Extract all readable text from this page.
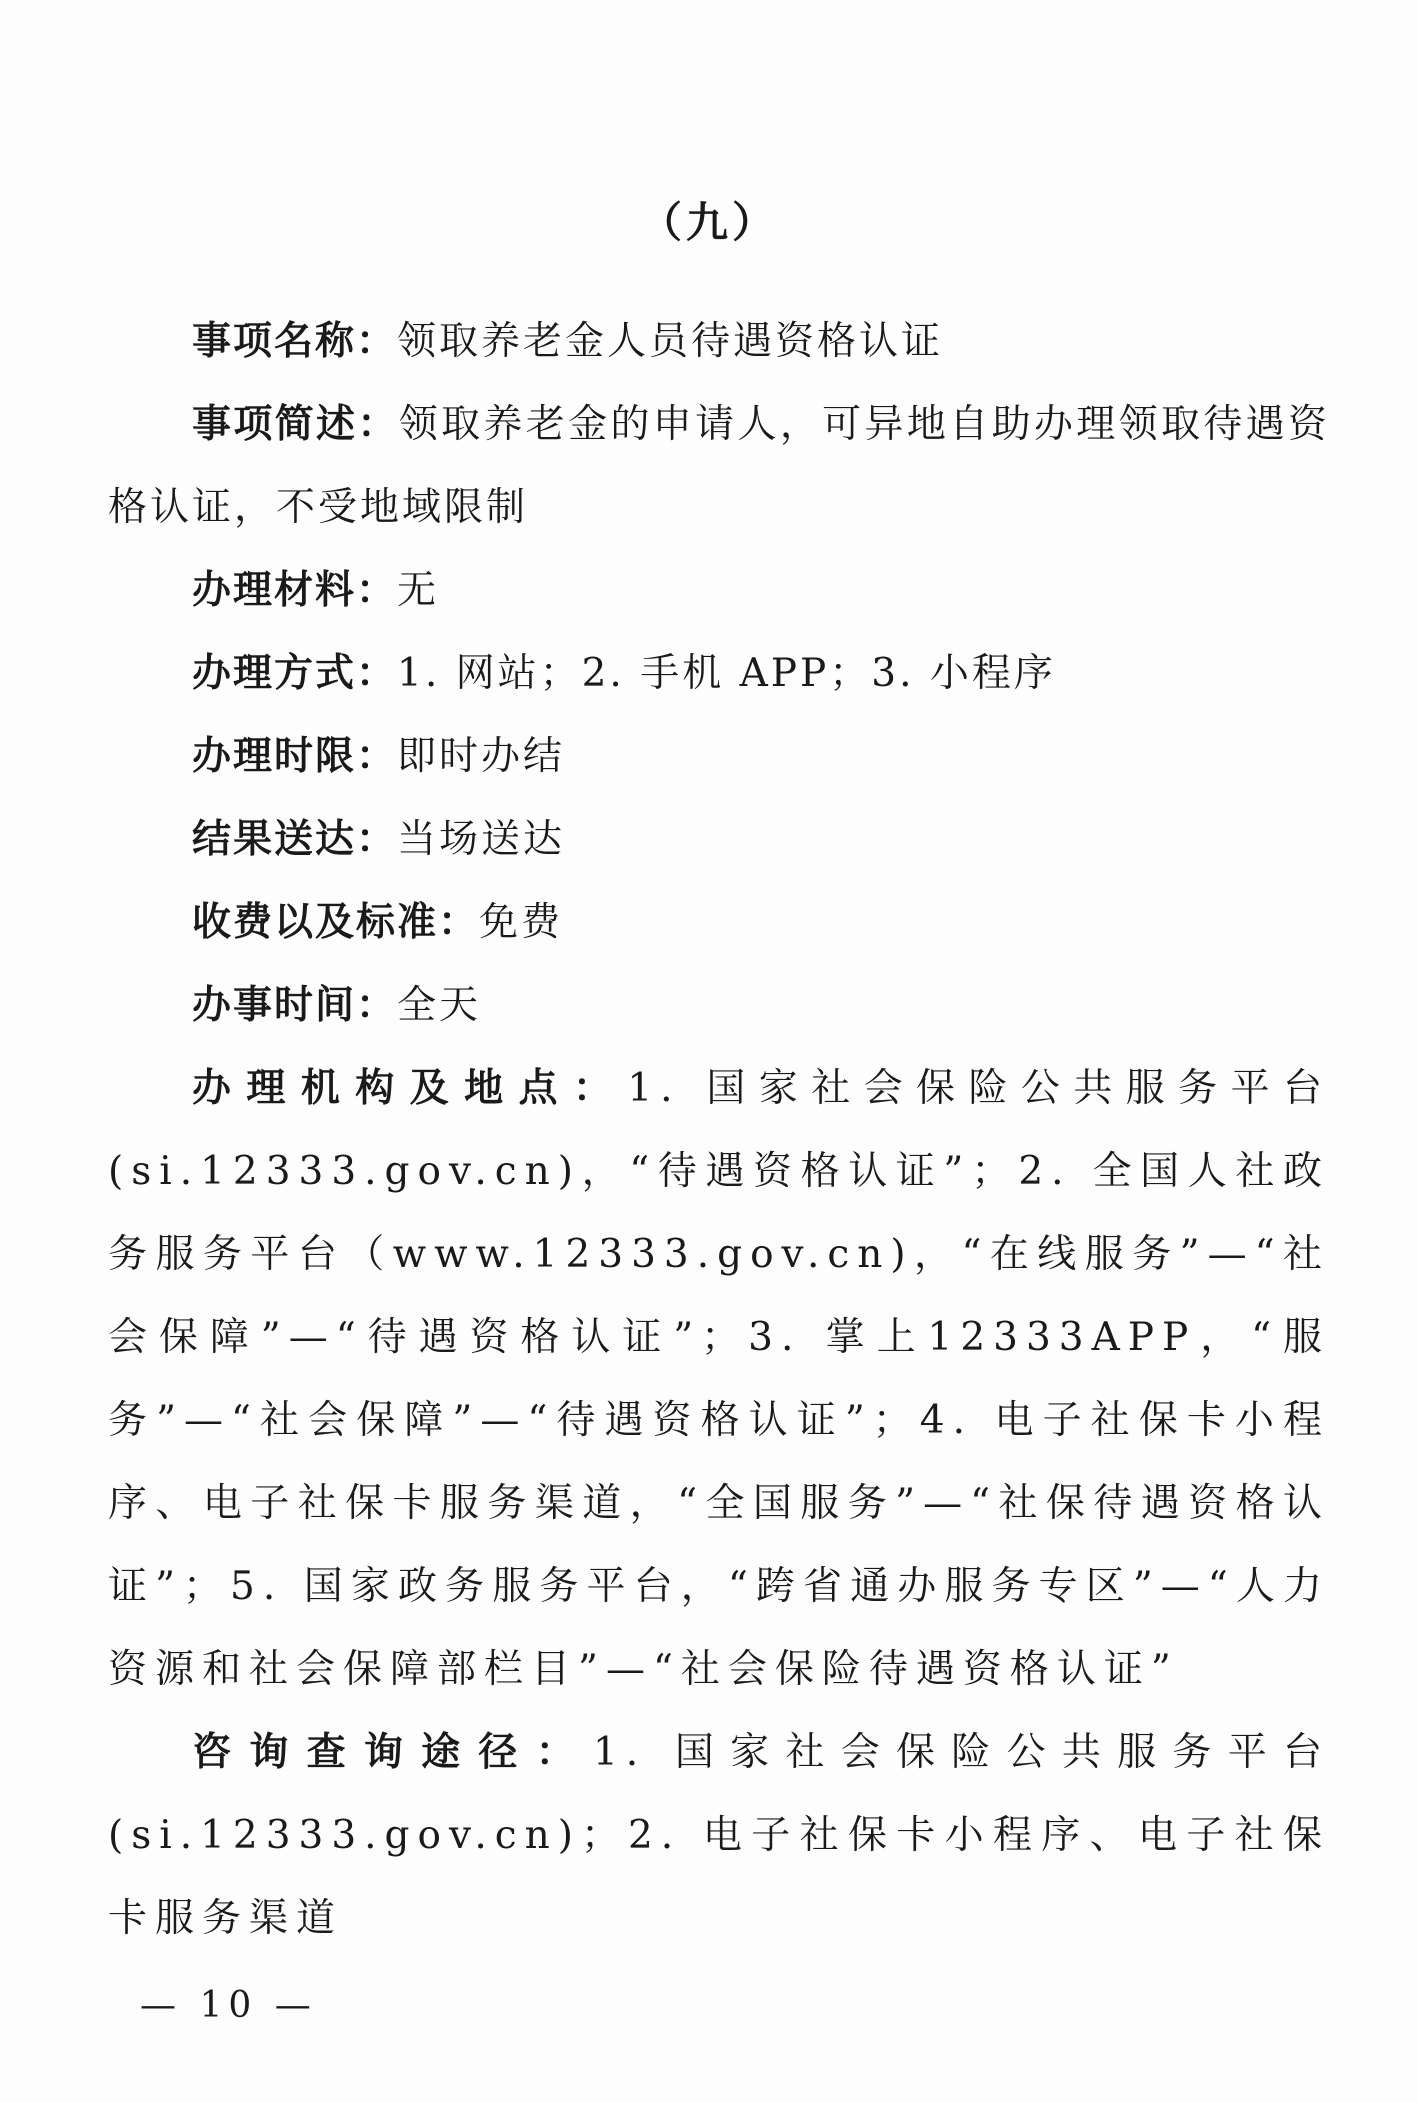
（九）
事项名称：领取养老金人员待遇资格认证
事项简述：领取养老金的申请人，可异地自助办理领取待遇资格认证，不受地域限制
办理材料：无
办理方式：1. 网站；2. 手机 APP；3. 小程序
办理时限：即时办结
结果送达：当场送达
收费以及标准：免费
办事时间：全天
办理机构及地点：1. 国家社会保险公共服务平台(si.12333.gov.cn)，“待遇资格认证”；2. 全国人社政务服务平台（www.12333.gov.cn)，“在线服务”—“社会保障”—“待遇资格认证”；3. 掌上12333APP，“服务”—“社会保障”—“待遇资格认证”；4. 电子社保卡小程序、电子社保卡服务渠道，“全国服务”—“社保待遇资格认证”；5. 国家政务服务平台，“跨省通办服务专区”—“人力资源和社会保障部栏目”—“社会保险待遇资格认证”
咨询查询途径：1. 国家社会保险公共服务平台(si.12333.gov.cn)；2. 电子社保卡小程序、电子社保卡服务渠道
— 10 —
